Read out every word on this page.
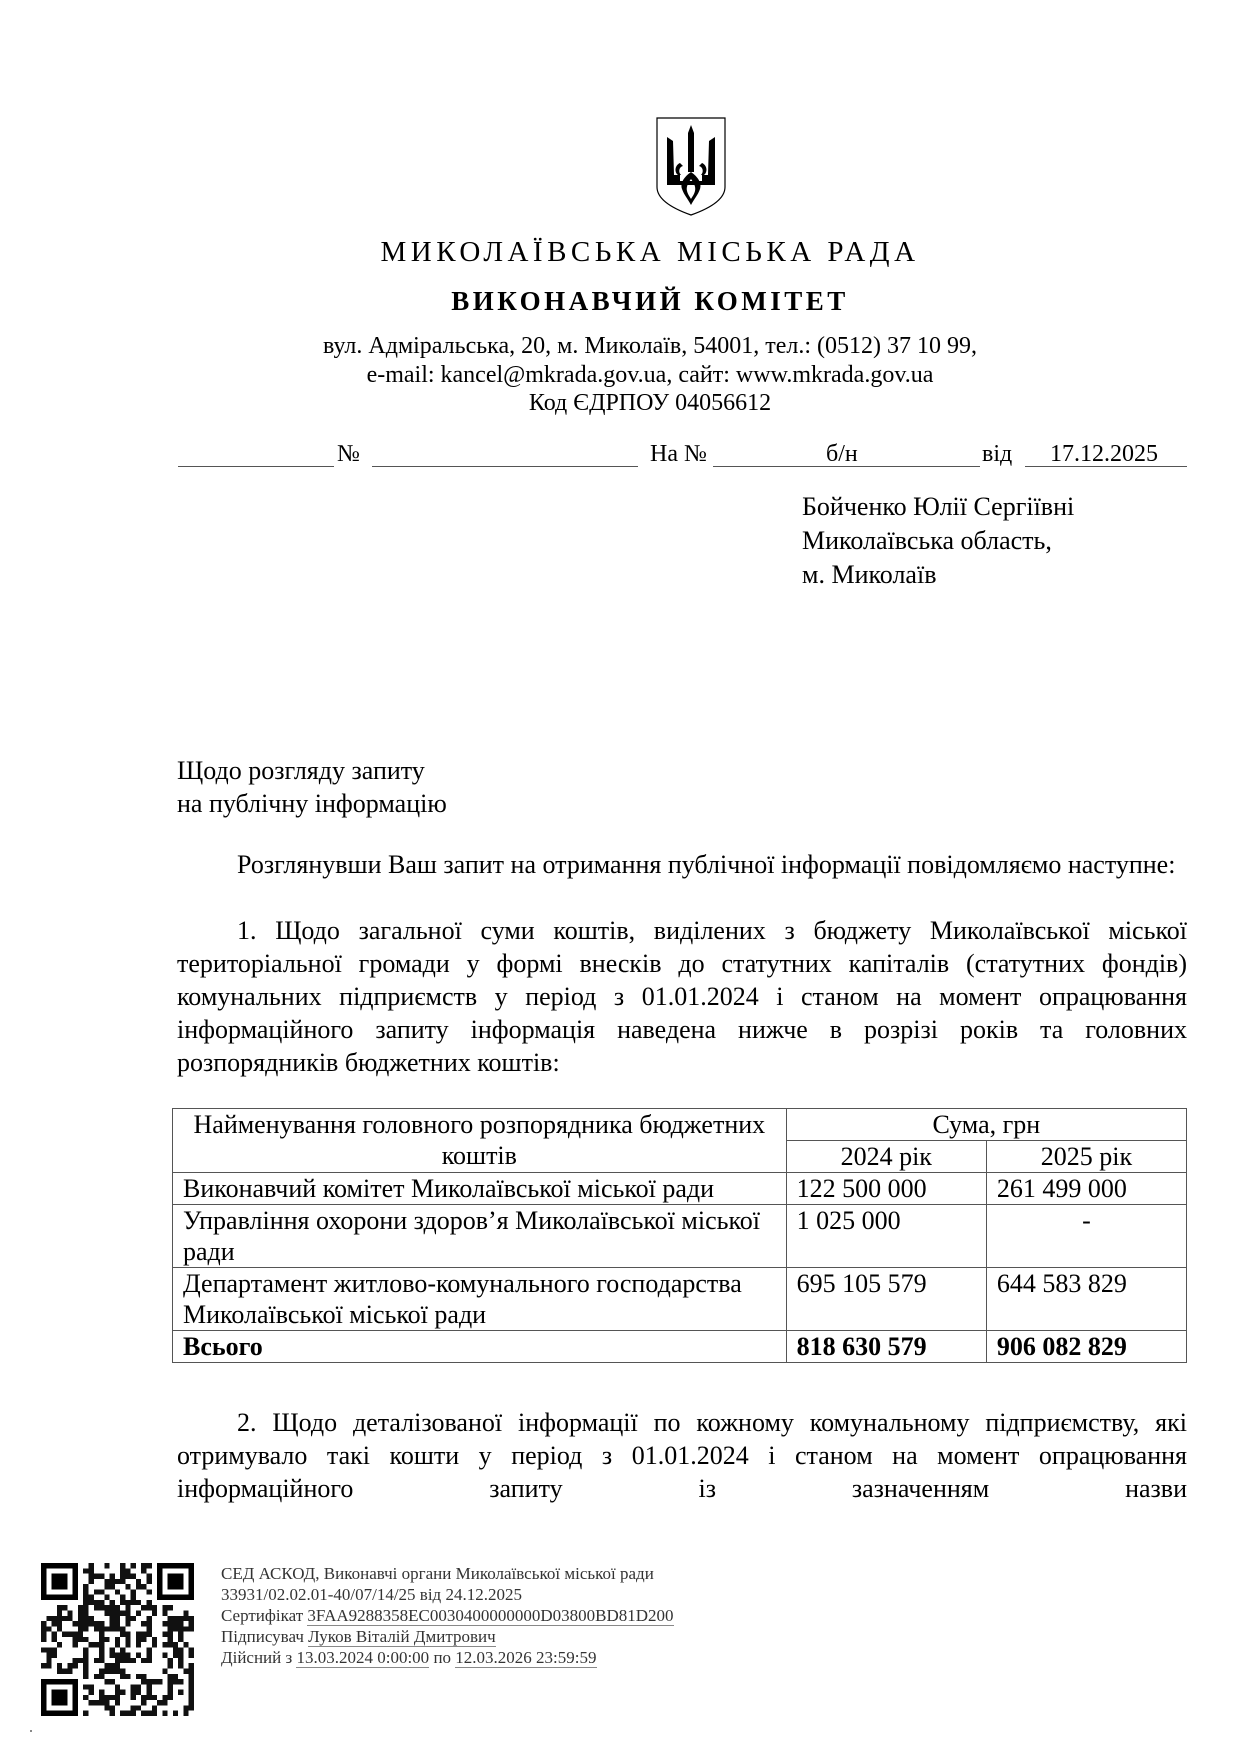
МИКОЛАЇВСЬКА МІСЬКА РАДА
ВИКОНАВЧИЙ КОМІТЕТ
вул. Адміральська, 20, м. Миколаїв, 54001, тел.: (0512) 37 10 99,
e-mail: kancel@mkrada.gov.ua, сайт: www.mkrada.gov.ua
Код ЄДРПОУ 04056612
№	На №	б/н	від 17.12.2025
Бойченко Юлії Сергіївні
Миколаївська область,
м. Миколаїв
Щодо розгляду запиту
на публічну інформацію
Розглянувши Ваш запит на отримання публічної інформації повідомляємо наступне:
1. Щодо загальної суми коштів, виділених з бюджету Миколаївської міської територіальної громади у формі внесків до статутних капіталів (статутних фондів) комунальних підприємств у період з 01.01.2024 і станом на момент опрацювання інформаційного запиту інформація наведена нижче в розрізі років та головних розпорядників бюджетних коштів:
Найменування головного розпорядника бюджетних коштів	Сума, грн	
	2024 рік	2025 рік
Виконавчий комітет Миколаївської міської ради	122 500 000	261 499 000
Управління охорони здоров’я Миколаївської міської ради	1 025 000	-
Департамент житлово-комунального господарства Миколаївської міської ради	695 105 579	644 583 829
Всього	818 630 579	906 082 829
2. Щодо деталізованої інформації по кожному комунальному підприємству, які отримувало такі кошти у період з 01.01.2024 і станом на момент опрацювання інформаційного запиту із зазначенням назви
СЕД АСКОД, Виконавчі органи Миколаївської міської ради
33931/02.02.01-40/07/14/25 від 24.12.2025
Сертифікат 3FAA9288358EC0030400000000D03800BD81D200
Підписувач Луков Віталій Дмитрович
Дійсний з 13.03.2024 0:00:00 по 12.03.2026 23:59:59
